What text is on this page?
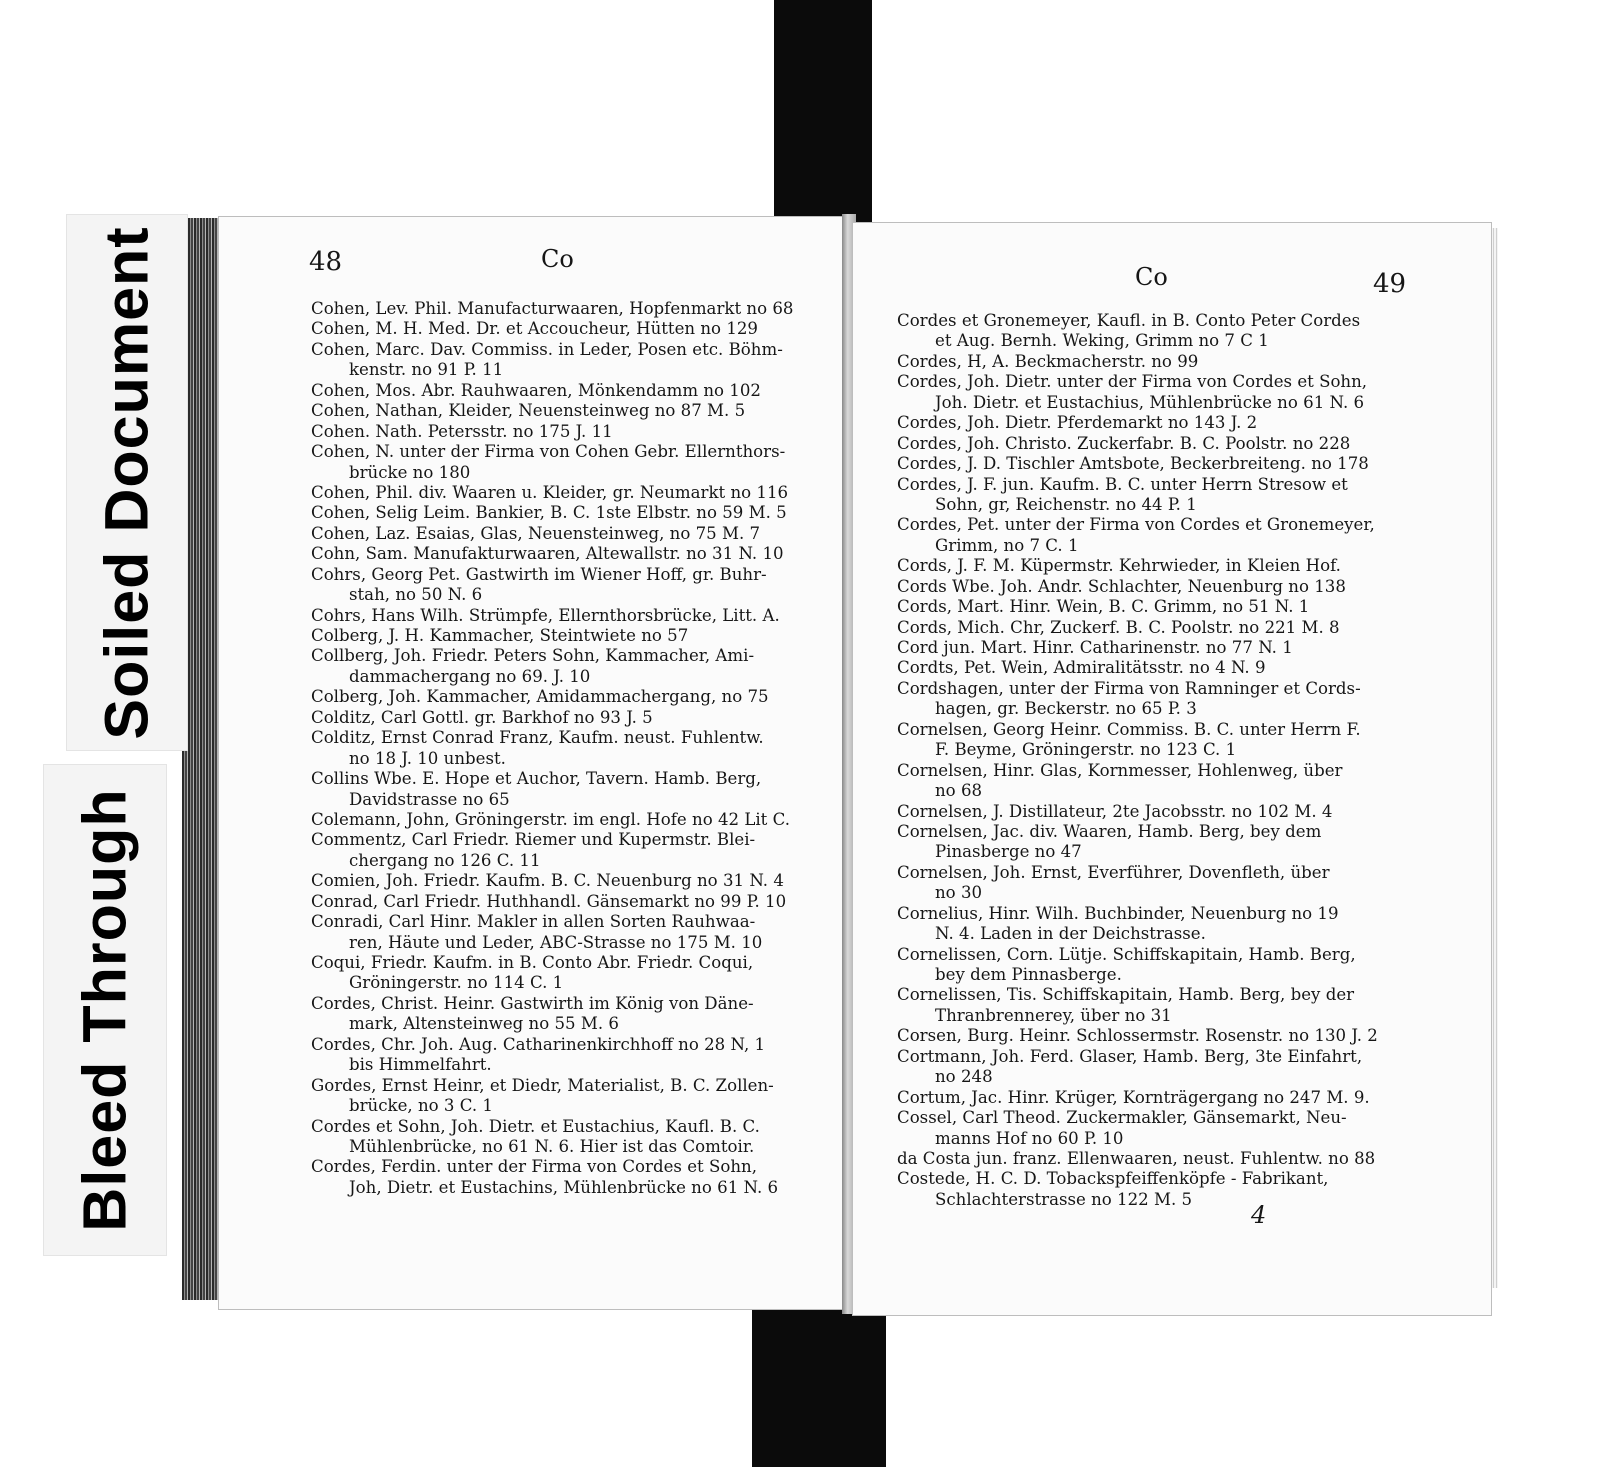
Soiled Document
Bleed Through
48	Co
Cohen, Lev. Phil. Manufacturwaaren, Hopfenmarkt no 68
Cohen, M. H. Med. Dr. et Accoucheur, Hütten no 129
Cohen, Marc. Dav. Commiss. in Leder, Posen etc. Böhm-
kenstr. no 91 P. 11
Cohen, Mos. Abr. Rauhwaaren, Mönkendamm no 102
Cohen, Nathan, Kleider, Neuensteinweg no 87 M. 5
Cohen. Nath. Petersstr. no 175 J. 11
Cohen, N. unter der Firma von Cohen Gebr. Ellernthors-
brücke no 180
Cohen, Phil. div. Waaren u. Kleider, gr. Neumarkt no 116
Cohen, Selig Leim. Bankier, B. C. 1ste Elbstr. no 59 M. 5
Cohen, Laz. Esaias, Glas, Neuensteinweg, no 75 M. 7
Cohn, Sam. Manufakturwaaren, Altewallstr. no 31 N. 10
Cohrs, Georg Pet. Gastwirth im Wiener Hoff, gr. Buhr-
stah, no 50 N. 6
Cohrs, Hans Wilh. Strümpfe, Ellernthorsbrücke, Litt. A.
Colberg, J. H. Kammacher, Steintwiete no 57
Collberg, Joh. Friedr. Peters Sohn, Kammacher, Ami-
dammachergang no 69. J. 10
Colberg, Joh. Kammacher, Amidammachergang, no 75
Colditz, Carl Gottl. gr. Barkhof no 93 J. 5
Colditz, Ernst Conrad Franz, Kaufm. neust. Fuhlentw.
no 18 J. 10 unbest.
Collins Wbe. E. Hope et Auchor, Tavern. Hamb. Berg,
Davidstrasse no 65
Colemann, John, Gröningerstr. im engl. Hofe no 42 Lit C.
Commentz, Carl Friedr. Riemer und Kupermstr. Blei-
chergang no 126 C. 11
Comien, Joh. Friedr. Kaufm. B. C. Neuenburg no 31 N. 4
Conrad, Carl Friedr. Huthhandl. Gänsemarkt no 99 P. 10
Conradi, Carl Hinr. Makler in allen Sorten Rauhwaa-
ren, Häute und Leder, ABC-Strasse no 175 M. 10
Coqui, Friedr. Kaufm. in B. Conto Abr. Friedr. Coqui,
Gröningerstr. no 114 C. 1
Cordes, Christ. Heinr. Gastwirth im König von Däne-
mark, Altensteinweg no 55 M. 6
Cordes, Chr. Joh. Aug. Catharinenkirchhoff no 28 N, 1
bis Himmelfahrt.
Gordes, Ernst Heinr, et Diedr, Materialist, B. C. Zollen-
brücke, no 3 C. 1
Cordes et Sohn, Joh. Dietr. et Eustachius, Kaufl. B. C.
Mühlenbrücke, no 61 N. 6. Hier ist das Comtoir.
Cordes, Ferdin. unter der Firma von Cordes et Sohn,
Joh, Dietr. et Eustachins, Mühlenbrücke no 61 N. 6
Co	49
Cordes et Gronemeyer, Kaufl. in B. Conto Peter Cordes
et Aug. Bernh. Weking, Grimm no 7 C 1
Cordes, H, A. Beckmacherstr. no 99
Cordes, Joh. Dietr. unter der Firma von Cordes et Sohn,
Joh. Dietr. et Eustachius, Mühlenbrücke no 61 N. 6
Cordes, Joh. Dietr. Pferdemarkt no 143 J. 2
Cordes, Joh. Christo. Zuckerfabr. B. C. Poolstr. no 228
Cordes, J. D. Tischler Amtsbote, Beckerbreiteng. no 178
Cordes, J. F. jun. Kaufm. B. C. unter Herrn Stresow et
Sohn, gr, Reichenstr. no 44 P. 1
Cordes, Pet. unter der Firma von Cordes et Gronemeyer,
Grimm, no 7 C. 1
Cords, J. F. M. Küpermstr. Kehrwieder, in Kleien Hof.
Cords Wbe. Joh. Andr. Schlachter, Neuenburg no 138
Cords, Mart. Hinr. Wein, B. C. Grimm, no 51 N. 1
Cords, Mich. Chr, Zuckerf. B. C. Poolstr. no 221 M. 8
Cord jun. Mart. Hinr. Catharinenstr. no 77 N. 1
Cordts, Pet. Wein, Admiralitätsstr. no 4 N. 9
Cordshagen, unter der Firma von Ramninger et Cords-
hagen, gr. Beckerstr. no 65 P. 3
Cornelsen, Georg Heinr. Commiss. B. C. unter Herrn F.
F. Beyme, Gröningerstr. no 123 C. 1
Cornelsen, Hinr. Glas, Kornmesser, Hohlenweg, über
no 68
Cornelsen, J. Distillateur, 2te Jacobsstr. no 102 M. 4
Cornelsen, Jac. div. Waaren, Hamb. Berg, bey dem
Pinasberge no 47
Cornelsen, Joh. Ernst, Everführer, Dovenfleth, über
no 30
Cornelius, Hinr. Wilh. Buchbinder, Neuenburg no 19
N. 4. Laden in der Deichstrasse.
Cornelissen, Corn. Lütje. Schiffskapitain, Hamb. Berg,
bey dem Pinnasberge.
Cornelissen, Tis. Schiffskapitain, Hamb. Berg, bey der
Thranbrennerey, über no 31
Corsen, Burg. Heinr. Schlossermstr. Rosenstr. no 130 J. 2
Cortmann, Joh. Ferd. Glaser, Hamb. Berg, 3te Einfahrt,
no 248
Cortum, Jac. Hinr. Krüger, Kornträgergang no 247 M. 9.
Cossel, Carl Theod. Zuckermakler, Gänsemarkt, Neu-
manns Hof no 60 P. 10
da Costa jun. franz. Ellenwaaren, neust. Fuhlentw. no 88
Costede, H. C. D. Tobackspfeiffenköpfe - Fabrikant,
Schlachterstrasse no 122 M. 5
4
